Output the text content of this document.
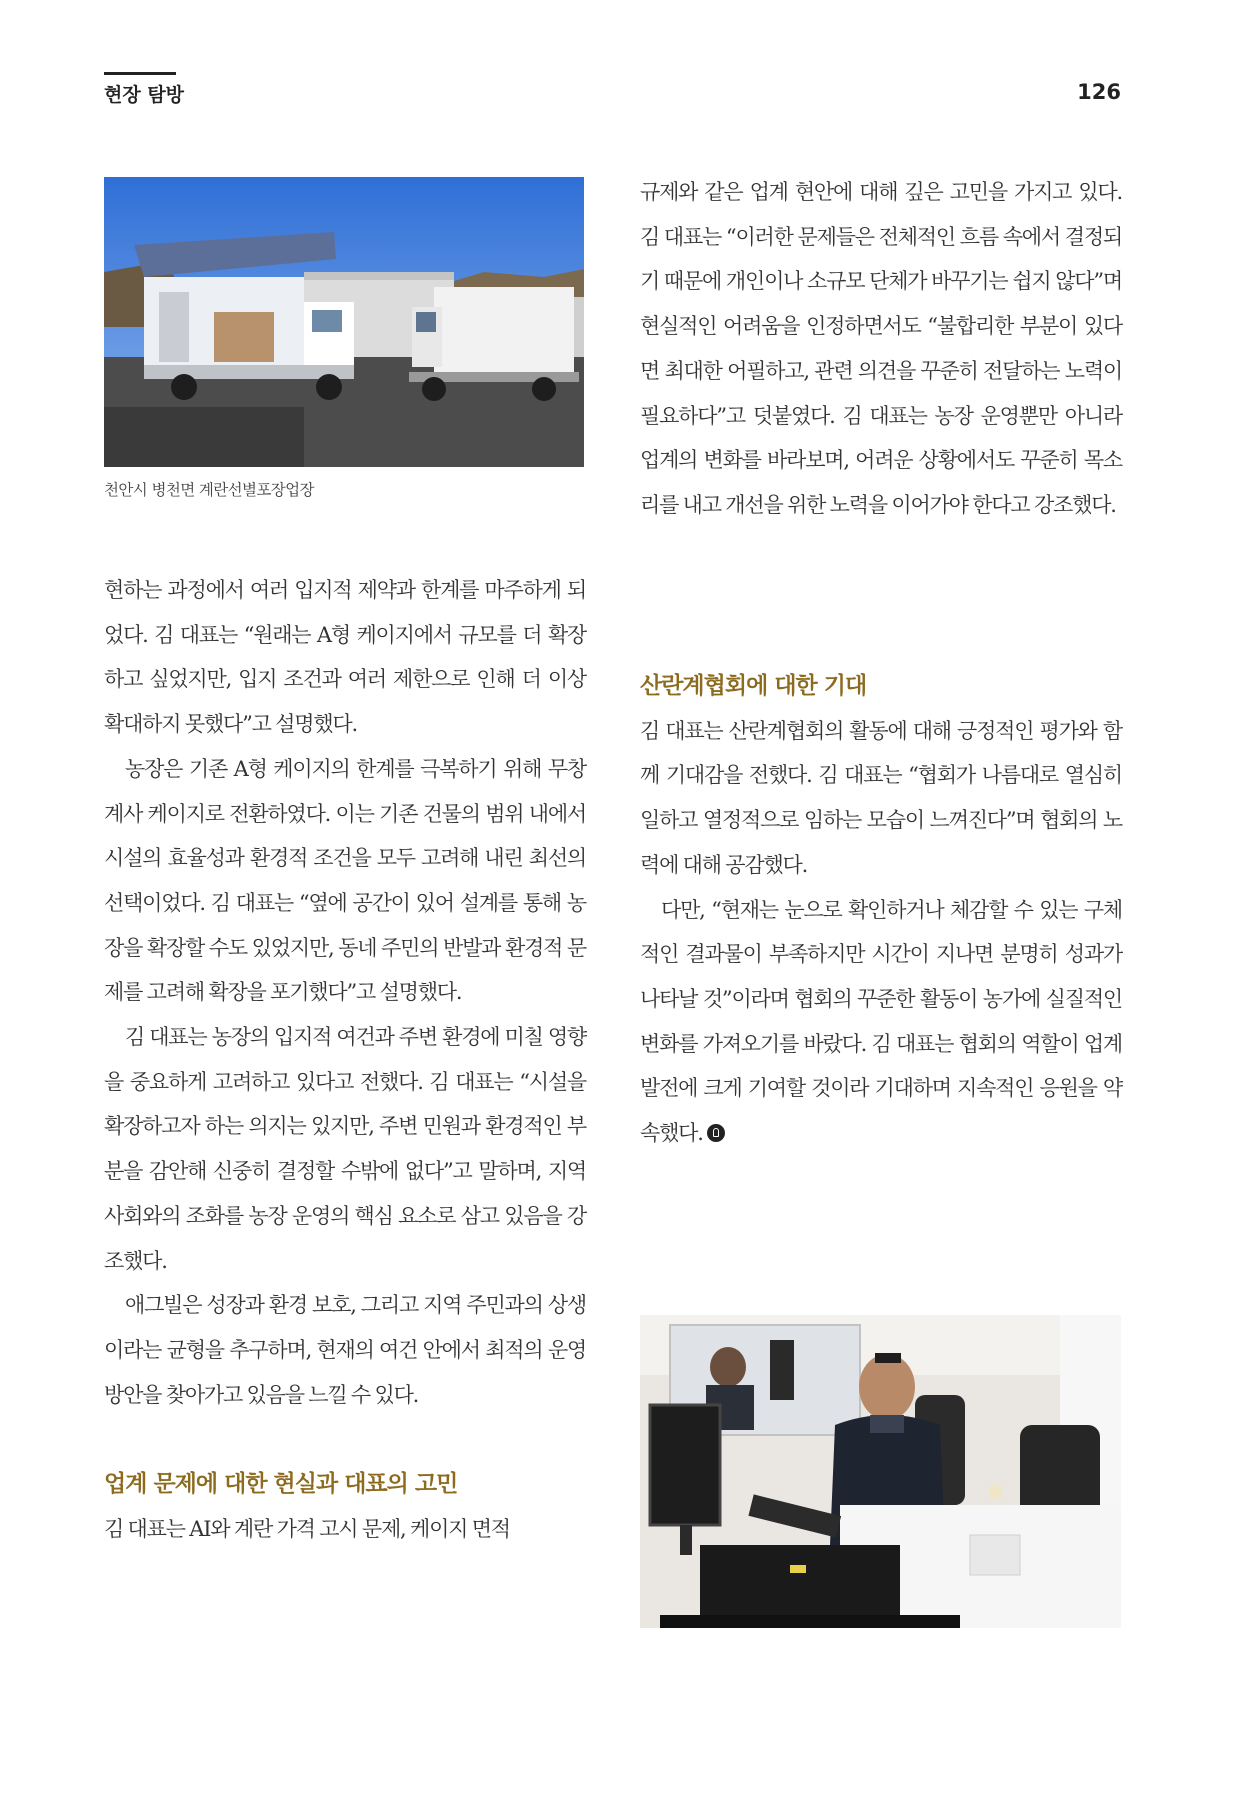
현장 탐방	126
천안시 병천면 계란선별포장업장

현하는 과정에서 여러 입지적 제약과 한계를 마주하게 되었다. 김 대표는 “원래는 A형 케이지에서 규모를 더 확장하고 싶었지만, 입지 조건과 여러 제한으로 인해 더 이상 확대하지 못했다”고 설명했다.

농장은 기존 A형 케이지의 한계를 극복하기 위해 무창계사 케이지로 전환하였다. 이는 기존 건물의 범위 내에서 시설의 효율성과 환경적 조건을 모두 고려해 내린 최선의 선택이었다. 김 대표는 “옆에 공간이 있어 설계를 통해 농장을 확장할 수도 있었지만, 동네 주민의 반발과 환경적 문제를 고려해 확장을 포기했다”고 설명했다.

김 대표는 농장의 입지적 여건과 주변 환경에 미칠 영향을 중요하게 고려하고 있다고 전했다. 김 대표는 “시설을 확장하고자 하는 의지는 있지만, 주변 민원과 환경적인 부분을 감안해 신중히 결정할 수밖에 없다”고 말하며, 지역 사회와의 조화를 농장 운영의 핵심 요소로 삼고 있음을 강조했다.

애그빌은 성장과 환경 보호, 그리고 지역 주민과의 상생이라는 균형을 추구하며, 현재의 여건 안에서 최적의 운영 방안을 찾아가고 있음을 느낄 수 있다.

업계 문제에 대한 현실과 대표의 고민

김 대표는 AI와 계란 가격 고시 문제, 케이지 면적

규제와 같은 업계 현안에 대해 깊은 고민을 가지고 있다. 김 대표는 “이러한 문제들은 전체적인 흐름 속에서 결정되기 때문에 개인이나 소규모 단체가 바꾸기는 쉽지 않다”며 현실적인 어려움을 인정하면서도 “불합리한 부분이 있다면 최대한 어필하고, 관련 의견을 꾸준히 전달하는 노력이 필요하다”고 덧붙였다. 김 대표는 농장 운영뿐만 아니라 업계의 변화를 바라보며, 어려운 상황에서도 꾸준히 목소리를 내고 개선을 위한 노력을 이어가야 한다고 강조했다.

산란계협회에 대한 기대

김 대표는 산란계협회의 활동에 대해 긍정적인 평가와 함께 기대감을 전했다. 김 대표는 “협회가 나름대로 열심히 일하고 열정적으로 임하는 모습이 느껴진다”며 협회의 노력에 대해 공감했다.

다만, “현재는 눈으로 확인하거나 체감할 수 있는 구체적인 결과물이 부족하지만 시간이 지나면 분명히 성과가 나타날 것”이라며 협회의 꾸준한 활동이 농가에 실질적인 변화를 가져오기를 바랐다. 김 대표는 협회의 역할이 업계 발전에 크게 기여할 것이라 기대하며 지속적인 응원을 약속했다.
